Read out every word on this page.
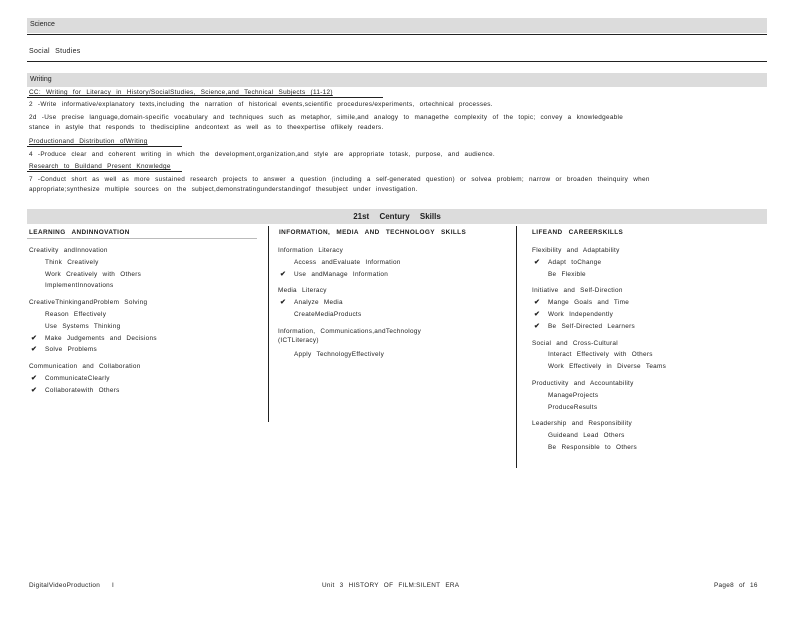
Science
Social Studies
Writing
CC: Writing for Literacy in History/SocialStudies, Science,and Technical Subjects (11-12)
2 -Write informative/explanatory texts,including the narration of historical events,scientific procedures/experiments, ortechnical processes.
2d -Use precise language,domain-specific vocabulary and techniques such as metaphor, simile,and analogy to managethe complexity of the topic; convey a knowledgeable
stance in astyle that responds to thediscipline andcontext as well as to theexpertise oflikely readers.
Productionand Distribution ofWriting
4 -Produce clear and coherent writing in which the development,organization,and style are appropriate totask, purpose, and audience.
Research to Buildand Present Knowledge
7 -Conduct short as well as more sustained research projects to answer a question (including a self-generated question) or solvea problem; narrow or broaden theinquiry when
appropriate;synthesize multiple sources on the subject,demonstratingunderstandingof thesubject under investigation.
21st Century Skills
LEARNING ANDINNOVATION	INFORMATION, MEDIA AND TECHNOLOGY SKILLS	LIFEAND CAREERSKILLS
Creativity andInnovation
Think Creatively
Work Creatively with Others
ImplementInnovations
CreativeThinkingandProblem Solving
Reason Effectively
Use Systems Thinking
✔ Make Judgements and Decisions
✔ Solve Problems
Communication and Collaboration
✔ CommunicateClearly
✔ Collaboratewith Others
Information Literacy
Access andEvaluate Information
✔ Use andManage Information
Media Literacy
✔ Analyze Media
CreateMediaProducts
Information, Communications,andTechnology
(ICTLiteracy)
Apply TechnologyEffectively
Flexibility and Adaptability
✔ Adapt toChange
Be Flexible
Initiative and Self-Direction
✔ Mange Goals and Time
✔ Work Independently
✔ Be Self-Directed Learners
Social and Cross-Cultural
Interact Effectively with Others
Work Effectively in Diverse Teams
Productivity and Accountability
ManageProjects
ProduceResults
Leadership and Responsibility
Guideand Lead Others
Be Responsible to Others
DigitalVideoProduction I	Unit 3 HISTORY OF FILM:SILENT ERA	Page8 of 16
